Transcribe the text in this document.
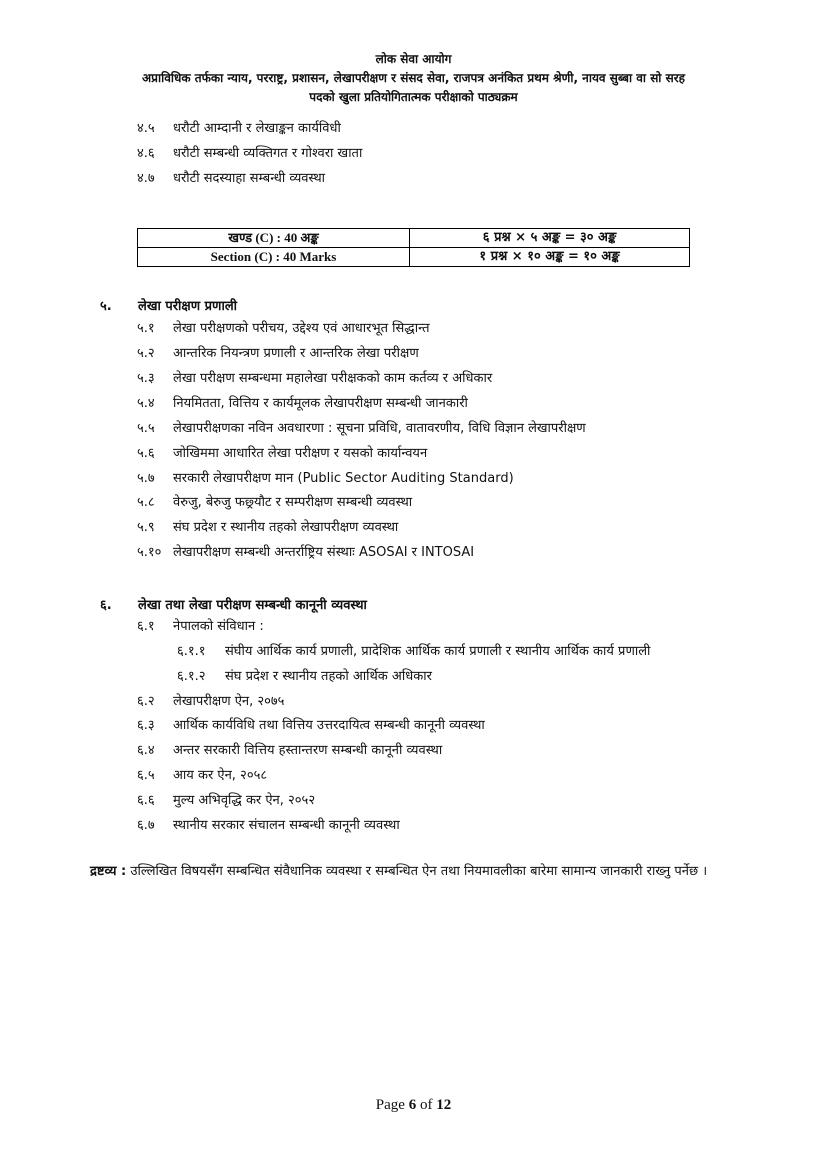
लोक सेवा आयोग
अप्राविधिक तर्फका न्याय, परराष्ट्र, प्रशासन, लेखापरीक्षण र संसद सेवा, राजपत्र अनंकित प्रथम श्रेणी, नायव सुब्बा वा सो सरह
पदको खुला प्रतियोगितात्मक परीक्षाको पाठ्यक्रम
४.५ धरौटी आम्दानी र लेखाङ्कन कार्यविधी
४.६ धरौटी सम्बन्धी व्यक्तिगत र गोश्वरा खाता
४.७ धरौटी सदस्याहा सम्बन्धी व्यवस्था
खण्ड (C) : 40 अङ्क	६ प्रश्न × ५ अङ्क = ३० अङ्क
Section (C) : 40 Marks	१ प्रश्न × १० अङ्क = १० अङ्क
५. लेखा परीक्षण प्रणाली
५.१ लेखा परीक्षणको परीचय, उद्देश्य एवं आधारभूत सिद्धान्त
५.२ आन्तरिक नियन्त्रण प्रणाली र आन्तरिक लेखा परीक्षण
५.३ लेखा परीक्षण सम्बन्धमा महालेखा परीक्षकको काम कर्तव्य र अधिकार
५.४ नियमितता, वित्तिय र कार्यमूलक लेखापरीक्षण सम्बन्धी जानकारी
५.५ लेखापरीक्षणका नविन अवधारणा : सूचना प्रविधि, वातावरणीय, विधि विज्ञान लेखापरीक्षण
५.६ जोखिममा आधारित लेखा परीक्षण र यसको कार्यान्वयन
५.७ सरकारी लेखापरीक्षण मान (Public Sector Auditing Standard)
५.८ वेरुजु, बेरुजु फछ्र्यौट र सम्परीक्षण सम्बन्धी व्यवस्था
५.९ संघ प्रदेश र स्थानीय तहको लेखापरीक्षण व्यवस्था
५.१० लेखापरीक्षण सम्बन्धी अन्तर्राष्ट्रिय संस्थाः ASOSAI र INTOSAI
६. लेखा तथा लेखा परीक्षण सम्बन्धी कानूनी व्यवस्था
६.१ नेपालको संविधान :
६.१.१ संघीय आर्थिक कार्य प्रणाली, प्रादेशिक आर्थिक कार्य प्रणाली र स्थानीय आर्थिक कार्य प्रणाली
६.१.२ संघ प्रदेश र स्थानीय तहको आर्थिक अधिकार
६.२ लेखापरीक्षण ऐन, २०७५
६.३ आर्थिक कार्यविधि तथा वित्तिय उत्तरदायित्व सम्बन्धी कानूनी व्यवस्था
६.४ अन्तर सरकारी वित्तिय हस्तान्तरण सम्बन्धी कानूनी व्यवस्था
६.५ आय कर ऐन, २०५८
६.६ मुल्य अभिवृद्धि कर ऐन, २०५२
६.७ स्थानीय सरकार संचालन सम्बन्धी कानूनी व्यवस्था
द्रष्टव्य : उल्लिखित विषयसँग सम्बन्धित संवैधानिक व्यवस्था र सम्बन्धित ऐन तथा नियमावलीका बारेमा सामान्य जानकारी राख्नु पर्नेछ ।
Page 6 of 12
